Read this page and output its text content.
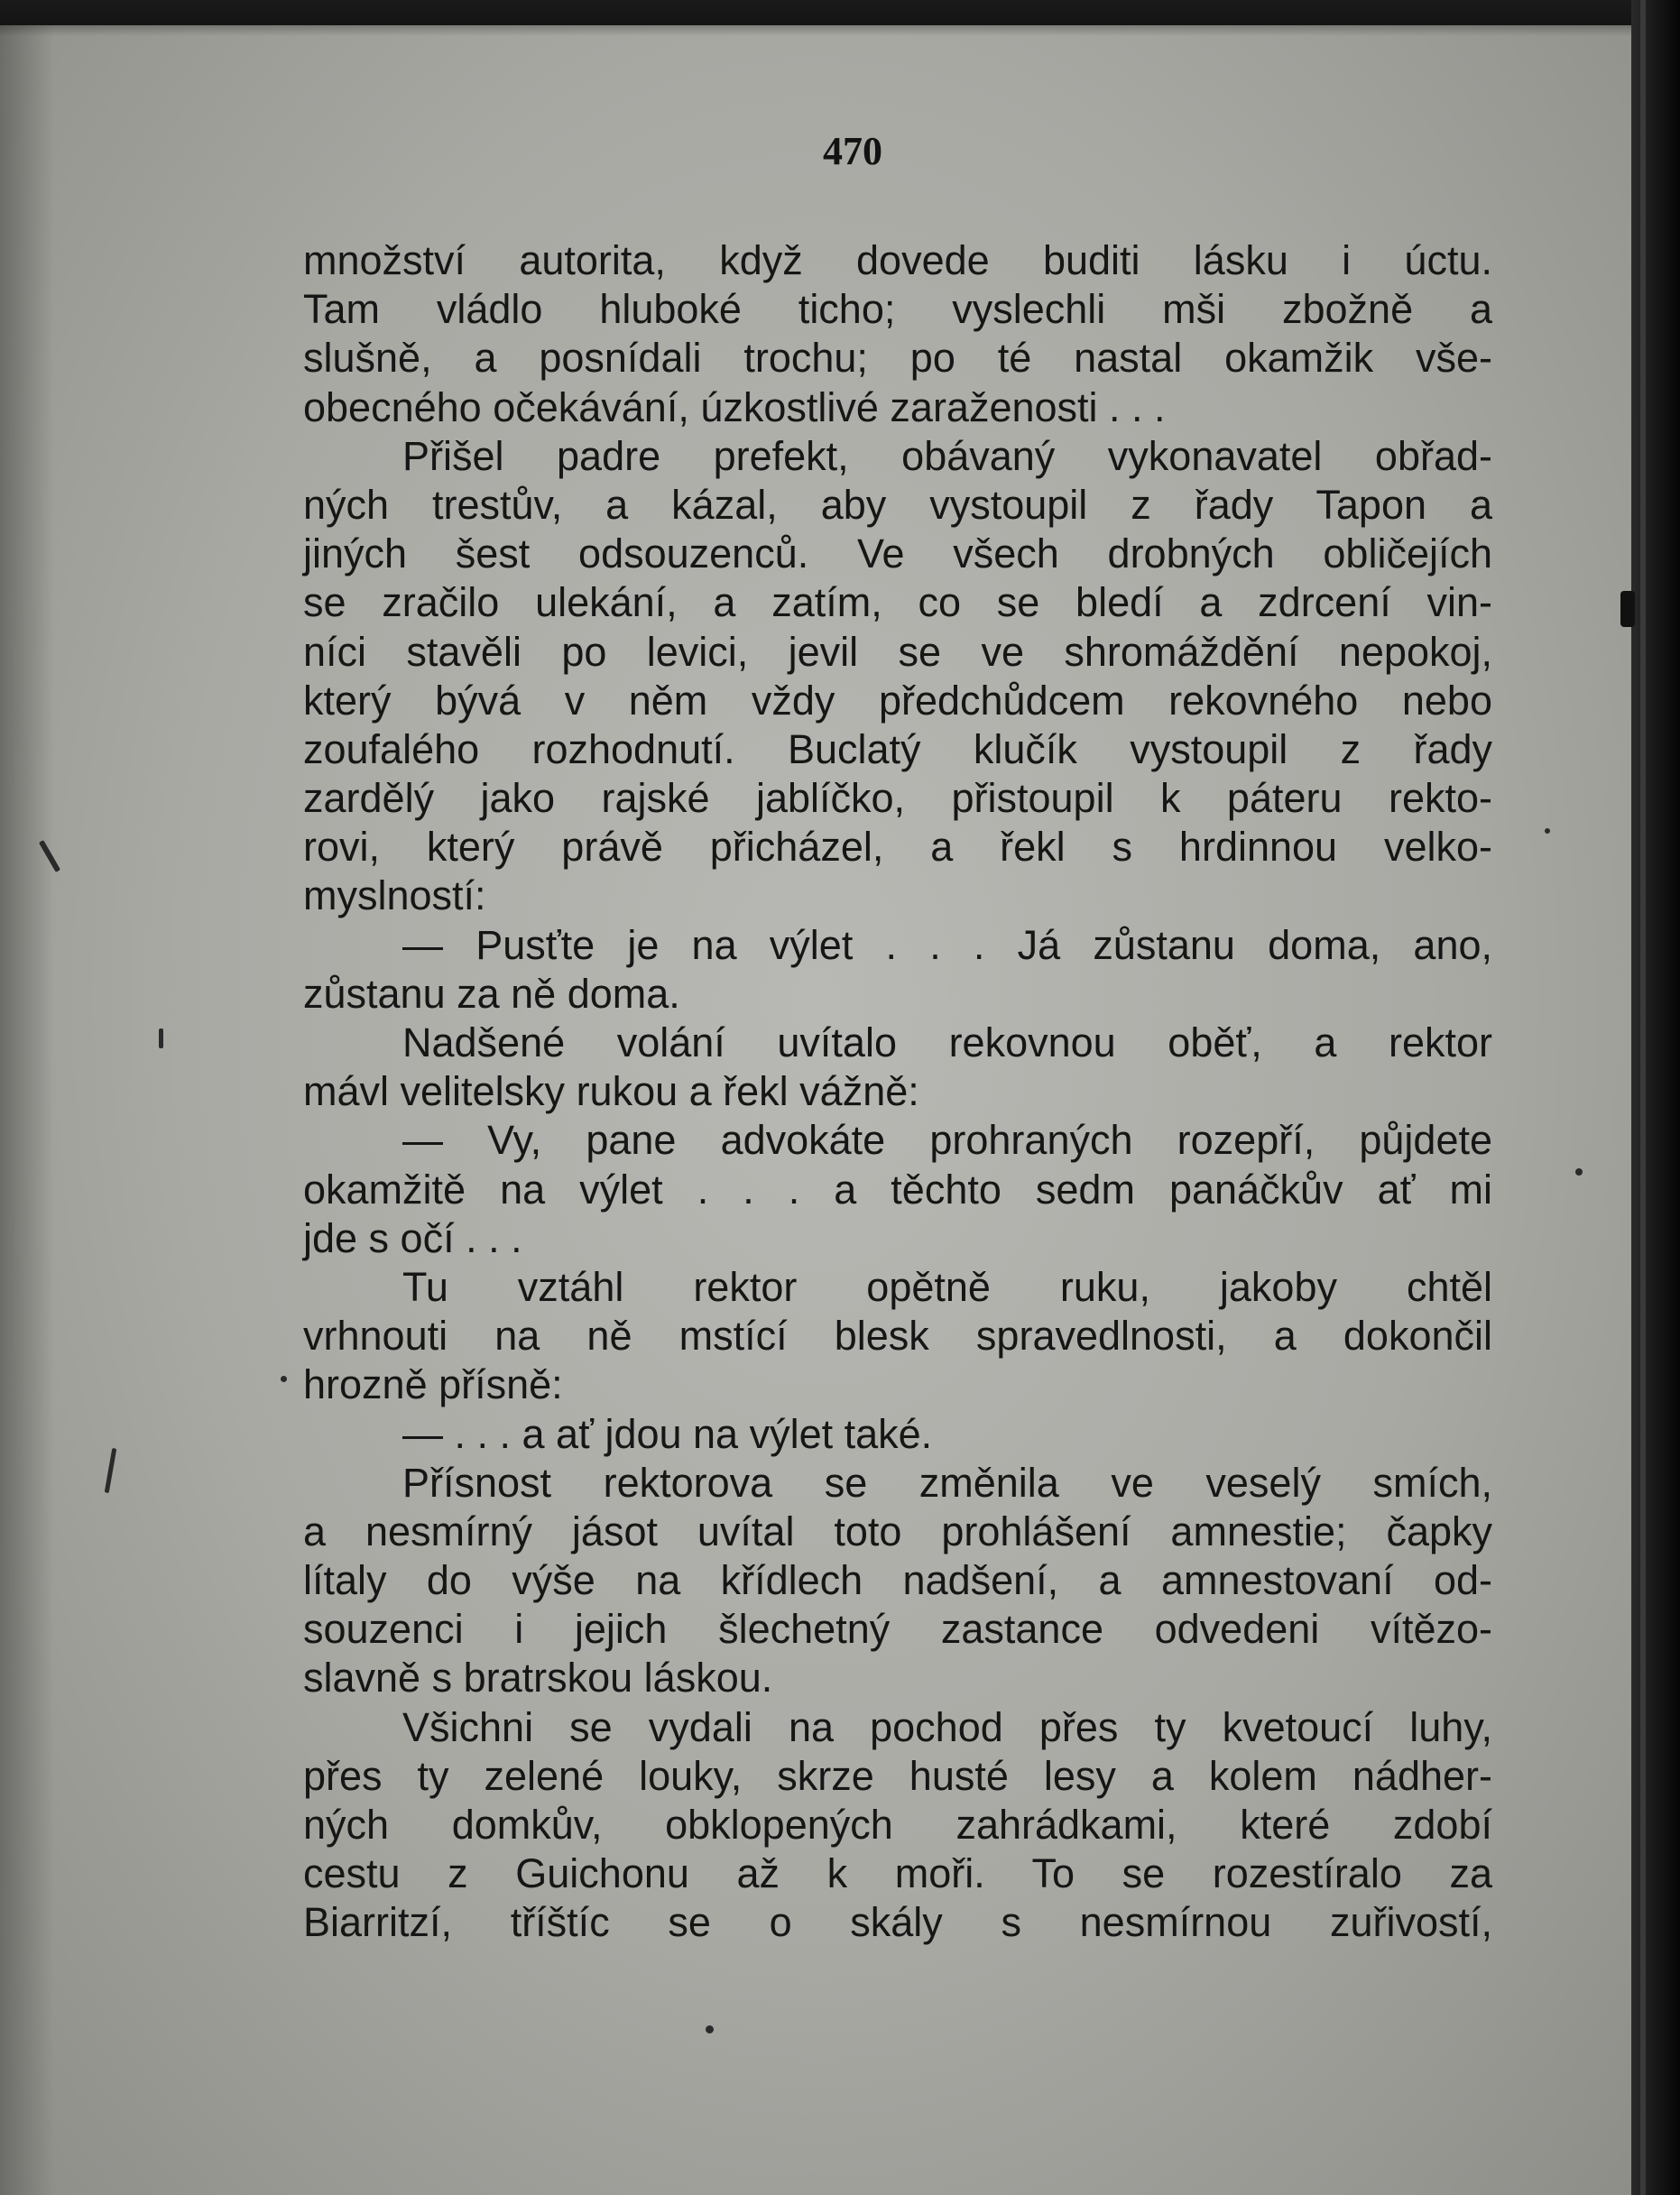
470
množství autorita, když dovede buditi lásku i úctu.
Tam vládlo hluboké ticho; vyslechli mši zbožně a
slušně, a posnídali trochu; po té nastal okamžik vše-
obecného očekávání, úzkostlivé zaraženosti . . .
Přišel padre prefekt, obávaný vykonavatel obřad-
ných trestův, a kázal, aby vystoupil z řady Tapon a
jiných šest odsouzenců. Ve všech drobných obličejích
se zračilo ulekání, a zatím, co se bledí a zdrcení vin-
níci stavěli po levici, jevil se ve shromáždění nepokoj,
který bývá v něm vždy předchůdcem rekovného nebo
zoufalého rozhodnutí. Buclatý klučík vystoupil z řady
zardělý jako rajské jablíčko, přistoupil k páteru rekto-
rovi, který právě přicházel, a řekl s hrdinnou velko-
myslností:
— Pusťte je na výlet . . . Já zůstanu doma, ano,
zůstanu za ně doma.
Nadšené volání uvítalo rekovnou oběť, a rektor
mávl velitelsky rukou a řekl vážně:
— Vy, pane advokáte prohraných rozepří, půjdete
okamžitě na výlet . . . a těchto sedm panáčkův ať mi
jde s očí . . .
Tu vztáhl rektor opětně ruku, jakoby chtěl
vrhnouti na ně mstící blesk spravedlnosti, a dokončil
hrozně přísně:
— . . . a ať jdou na výlet také.
Přísnost rektorova se změnila ve veselý smích,
a nesmírný jásot uvítal toto prohlášení amnestie; čapky
lítaly do výše na křídlech nadšení, a amnestovaní od-
souzenci i jejich šlechetný zastance odvedeni vítězo-
slavně s bratrskou láskou.
Všichni se vydali na pochod přes ty kvetoucí luhy,
přes ty zelené louky, skrze husté lesy a kolem nádher-
ných domkův, obklopených zahrádkami, které zdobí
cestu z Guichonu až k moři. To se rozestíralo za
Biarritzí, tříštíc se o skály s nesmírnou zuřivostí,
